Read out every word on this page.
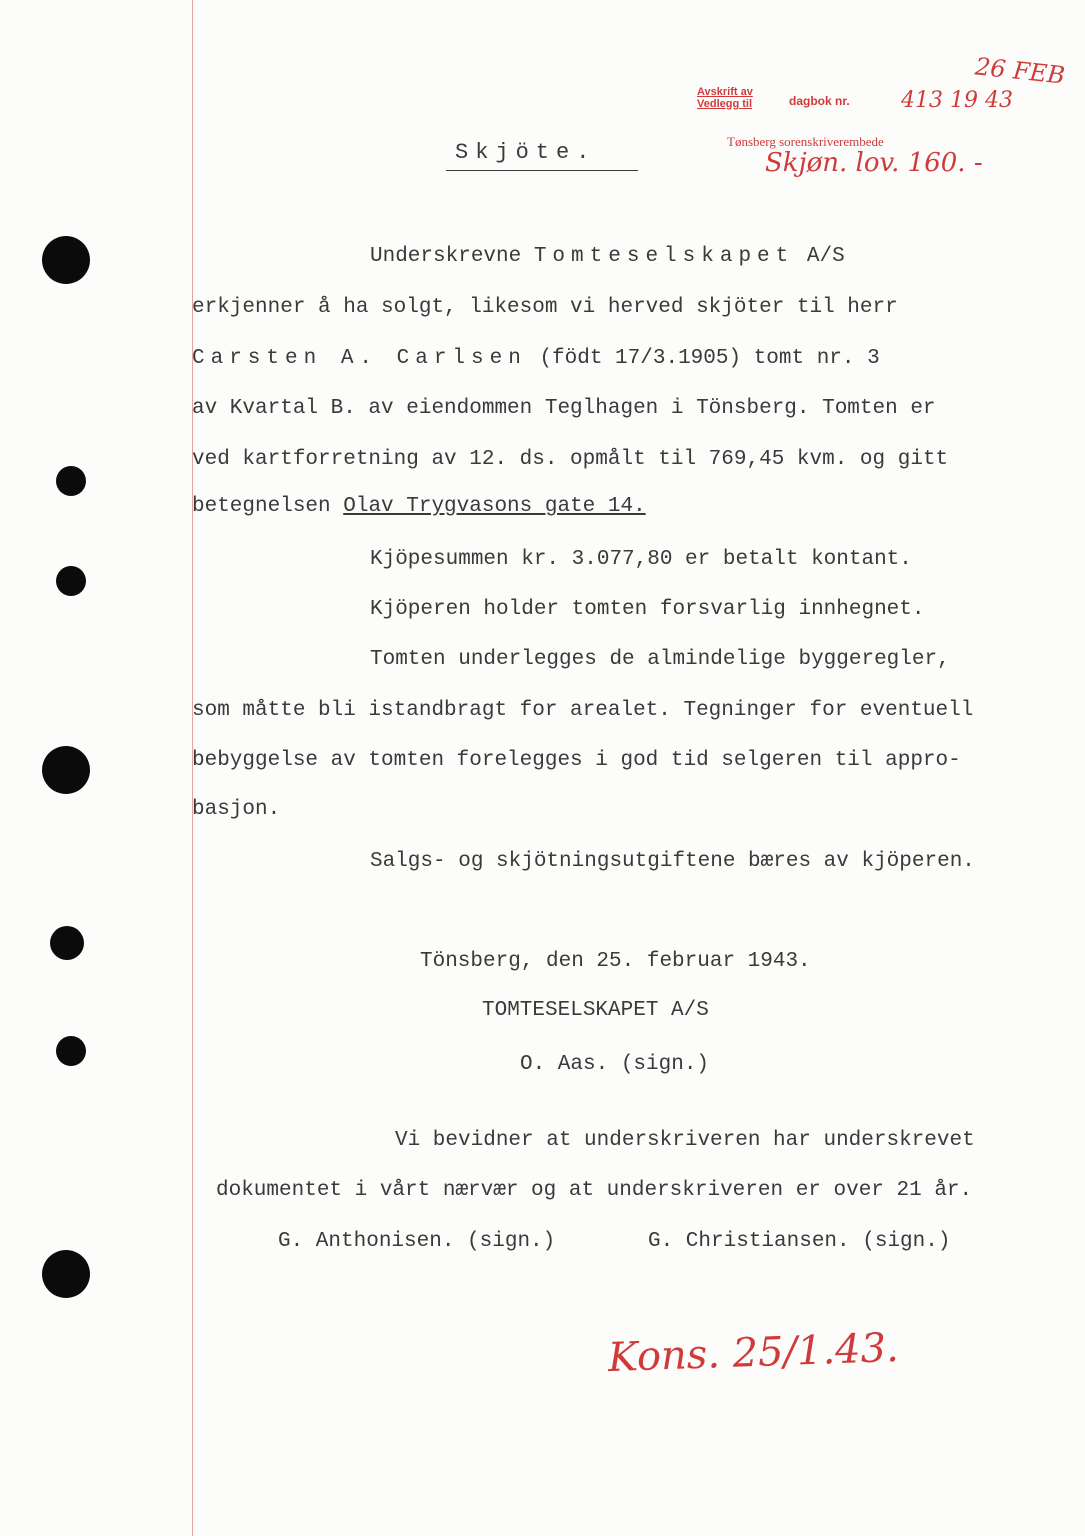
Avskrift av
Vedlegg til	dagbok nr. 413 19 43
Tønsberg sorenskriverembede
26 FEB
Skjøn. lov. 160. -
Skjöte.
Underskrevne Tomteselskapet A/S
erkjenner å ha solgt, likesom vi herved skjöter til herr
Carsten A. Carlsen (födt 17/3.1905) tomt nr. 3
av Kvartal B. av eiendommen Teglhagen i Tönsberg. Tomten er
ved kartforretning av 12. ds. opmålt til 769,45 kvm. og gitt
betegnelsen Olav Trygvasons gate 14.
Kjöpesummen kr. 3.077,80 er betalt kontant.
Kjöperen holder tomten forsvarlig innhegnet.
Tomten underlegges de almindelige byggeregler,
som måtte bli istandbragt for arealet. Tegninger for eventuell
bebyggelse av tomten forelegges i god tid selgeren til appro-
basjon.
Salgs- og skjötningsutgiftene bæres av kjöperen.
Tönsberg, den 25. februar 1943.
TOMTESELSKAPET A/S
O. Aas. (sign.)
Vi bevidner at underskriveren har underskrevet
dokumentet i vårt nærvær og at underskriveren er over 21 år.
G. Anthonisen. (sign.)	G. Christiansen. (sign.)
Kons. 25/1.43.
